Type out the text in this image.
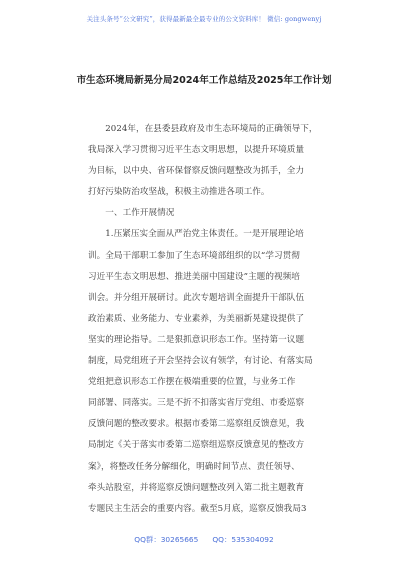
关注头条号“公文研究”，获得最新最全最专业的公文资料库！ 微信: gongwenyj
市生态环境局新晃分局2024年工作总结及2025年工作计划
　　2024年，在县委县政府及市生态环境局的正确领导下，
我局深入学习贯彻习近平生态文明思想，以提升环境质量
为目标，以中央、省环保督察反馈问题整改为抓手，全力
打好污染防治攻坚战，积极主动推进各项工作。
　　一、工作开展情况
　　1.压紧压实全面从严治党主体责任。一是开展理论培
训。全局干部职工参加了生态环境部组织的以“学习贯彻
习近平生态文明思想、推进美丽中国建设”主题的视频培
训会。并分组开展研讨。此次专题培训全面提升干部队伍
政治素质、业务能力、专业素养，为美丽新晃建设提供了
坚实的理论指导。二是狠抓意识形态工作。坚持第一议题
制度，局党组班子开会坚持会议有领学，有讨论、有落实局
党组把意识形态工作摆在极端重要的位置，与业务工作
同部署、同落实。三是不折不扣落实省厅党组、市委巡察
反馈问题的整改要求。根据市委第二巡察组反馈意见，我
局制定《关于落实市委第二巡察组巡察反馈意见的整改方
案》，将整改任务分解细化，明确时间节点、责任领导、
牵头站股室，并将巡察反馈问题整改列入第二批主题教育
专题民主生活会的重要内容。截至5月底，巡察反馈我局3
QQ群：30265665 QQ：535304092
